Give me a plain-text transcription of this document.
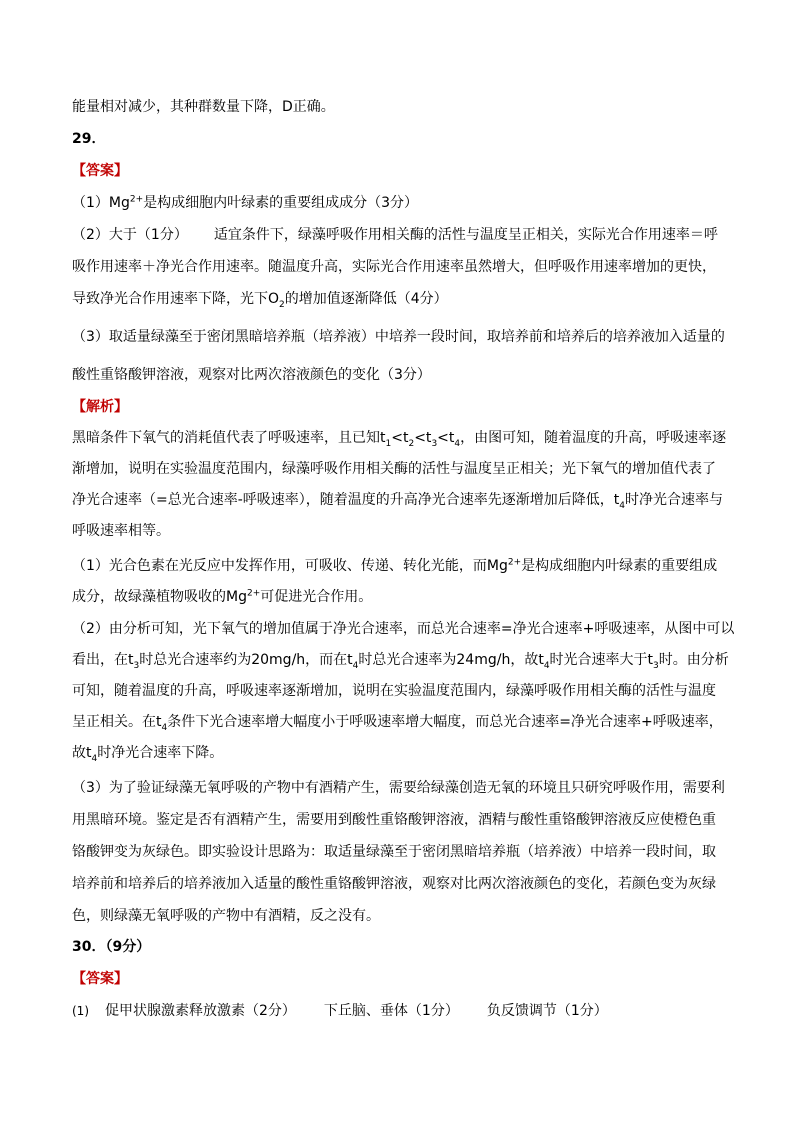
能量相对减少，其种群数量下降，D正确。
29．
【答案】
$(1)Mg^{2+}$是构成细胞内叶绿素的重要组成成分（3分）
（2）大于（1分） 适宜条件下，绿藻呼吸作用相关酶的活性与温度呈正相关，实际光合作用速率＝呼
吸作用速率＋净光合作用速率。随温度升高，实际光合作用速率虽然增大，但呼吸作用速率增加的更快，
导致净光合作用速率下降，光下$O_2$的增加值逐渐降低（4分）
（3）取适量绿藻至于密闭黑暗培养瓶（培养液）中培养一段时间，取培养前和培养后的培养液加入适量的
酸性重铬酸钾溶液，观察对比两次溶液颜色的变化（3分）
【解析】
黑暗条件下氧气的消耗值代表了呼吸速率，且已知$t_1<t_2<t_3<t_4$，由图可知，随着温度的升高，呼吸速率逐
渐增加，说明在实验温度范围内，绿藻呼吸作用相关酶的活性与温度呈正相关；光下氧气的增加值代表了
净光合速率（=总光合速率-呼吸速率），随着温度的升高净光合速率先逐渐增加后降低，$t_4$时净光合速率与
呼吸速率相等。
（1）光合色素在光反应中发挥作用，可吸收、传递、转化光能，而$Mg^{2+}$是构成细胞内叶绿素的重要组成
成分，故绿藻植物吸收的$Mg^{2+}$可促进光合作用。
（2）由分析可知，光下氧气的增加值属于净光合速率，而总光合速率=净光合速率+呼吸速率，从图中可以
看出，在$t_3$时总光合速率约为20mg/h，而在$t_4$时总光合速率为24mg/h，故$t_4$时光合速率大于$t_3$时。由分析
可知，随着温度的升高，呼吸速率逐渐增加，说明在实验温度范围内，绿藻呼吸作用相关酶的活性与温度
呈正相关。在$t_4$条件下光合速率增大幅度小于呼吸速率增大幅度，而总光合速率=净光合速率+呼吸速率，
故$t_4$时净光合速率下降。
（3）为了验证绿藻无氧呼吸的产物中有酒精产生，需要给绿藻创造无氧的环境且只研究呼吸作用，需要利
用黑暗环境。鉴定是否有酒精产生，需要用到酸性重铬酸钾溶液，酒精与酸性重铬酸钾溶液反应使橙色重
铬酸钾变为灰绿色。即实验设计思路为：取适量绿藻至于密闭黑暗培养瓶（培养液）中培养一段时间，取
培养前和培养后的培养液加入适量的酸性重铬酸钾溶液，观察对比两次溶液颜色的变化，若颜色变为灰绿
色，则绿藻无氧呼吸的产物中有酒精，反之没有。
30．（9分）
【答案】
(1) 促甲状腺激素释放激素（2分） 下丘脑、垂体（1分） 负反馈调节（1分）
